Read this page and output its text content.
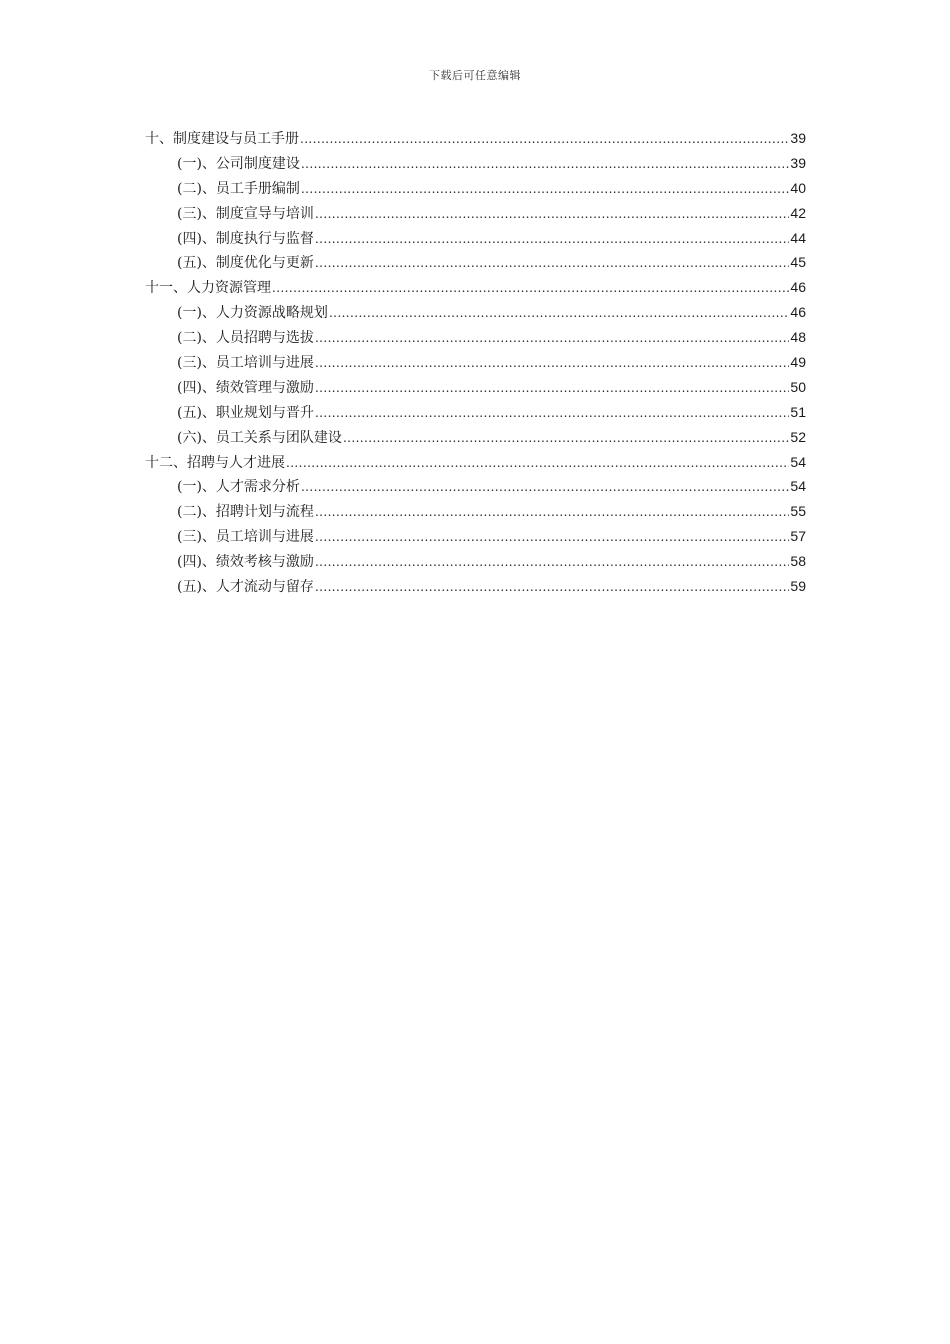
下载后可任意编辑
十、制度建设与员工手册 .....	39
(一)、公司制度建设 .....	39
(二)、员工手册编制 .....	40
(三)、制度宣导与培训 .....	42
(四)、制度执行与监督 .....	44
(五)、制度优化与更新 .....	45
十一、人力资源管理 .....	46
(一)、人力资源战略规划 .....	46
(二)、人员招聘与选拔 .....	48
(三)、员工培训与进展 .....	49
(四)、绩效管理与激励 .....	50
(五)、职业规划与晋升 .....	51
(六)、员工关系与团队建设 .....	52
十二、招聘与人才进展 .....	54
(一)、人才需求分析 .....	54
(二)、招聘计划与流程 .....	55
(三)、员工培训与进展 .....	57
(四)、绩效考核与激励 .....	58
(五)、人才流动与留存 .....	59
